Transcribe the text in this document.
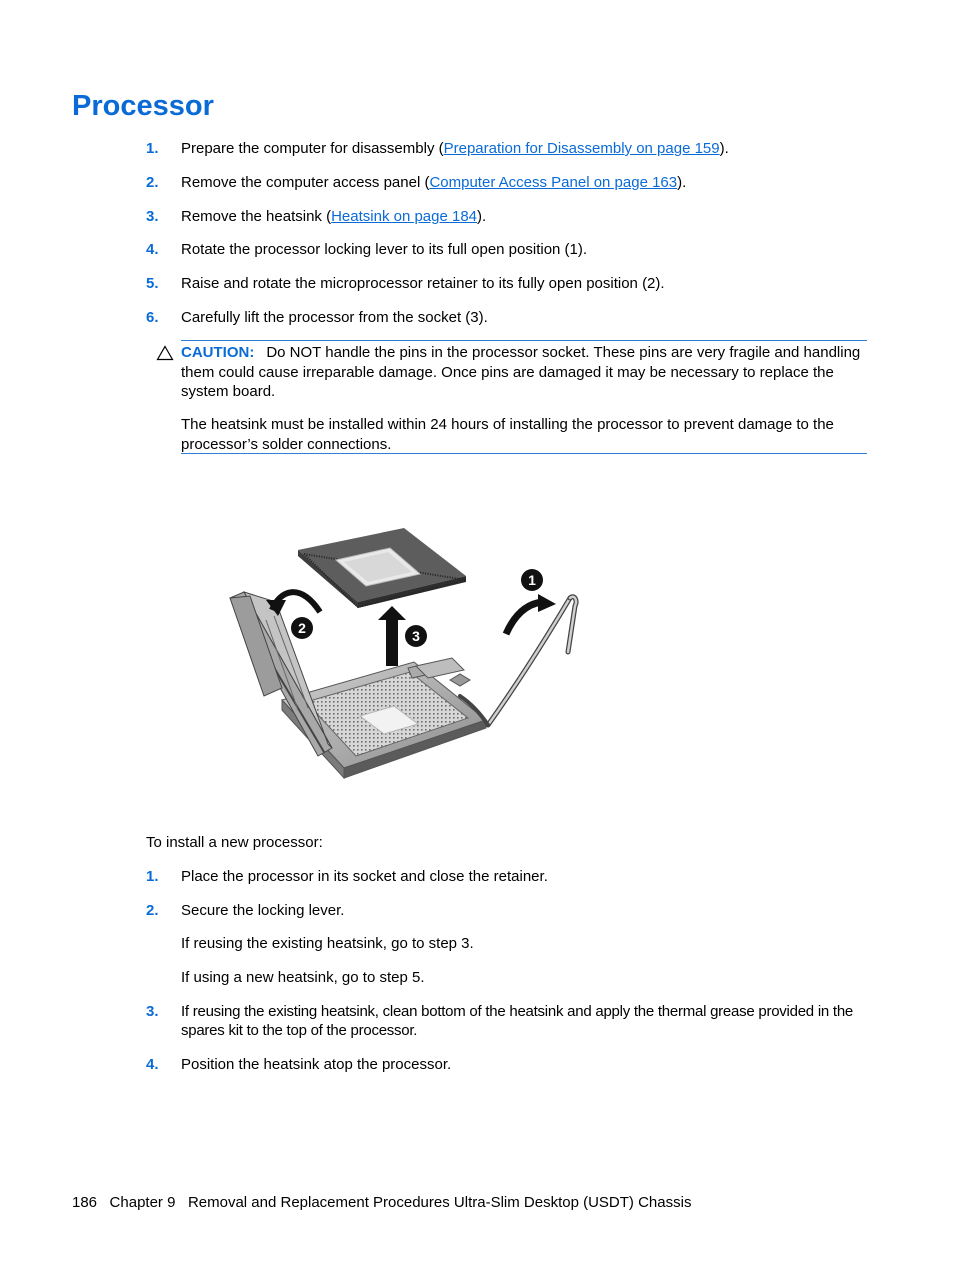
Processor
1. Prepare the computer for disassembly (Preparation for Disassembly on page 159).
2. Remove the computer access panel (Computer Access Panel on page 163).
3. Remove the heatsink (Heatsink on page 184).
4. Rotate the processor locking lever to its full open position (1).
5. Raise and rotate the microprocessor retainer to its fully open position (2).
6. Carefully lift the processor from the socket (3).
CAUTION: Do NOT handle the pins in the processor socket. These pins are very fragile and handling them could cause irreparable damage. Once pins are damaged it may be necessary to replace the system board.
The heatsink must be installed within 24 hours of installing the processor to prevent damage to the processor’s solder connections.
1
2	3
To install a new processor:
1. Place the processor in its socket and close the retainer.
2. Secure the locking lever.
If reusing the existing heatsink, go to step 3.
If using a new heatsink, go to step 5.
3. If reusing the existing heatsink, clean bottom of the heatsink and apply the thermal grease provided in the spares kit to the top of the processor.
4. Position the heatsink atop the processor.
186 Chapter 9 Removal and Replacement Procedures Ultra-Slim Desktop (USDT) Chassis
